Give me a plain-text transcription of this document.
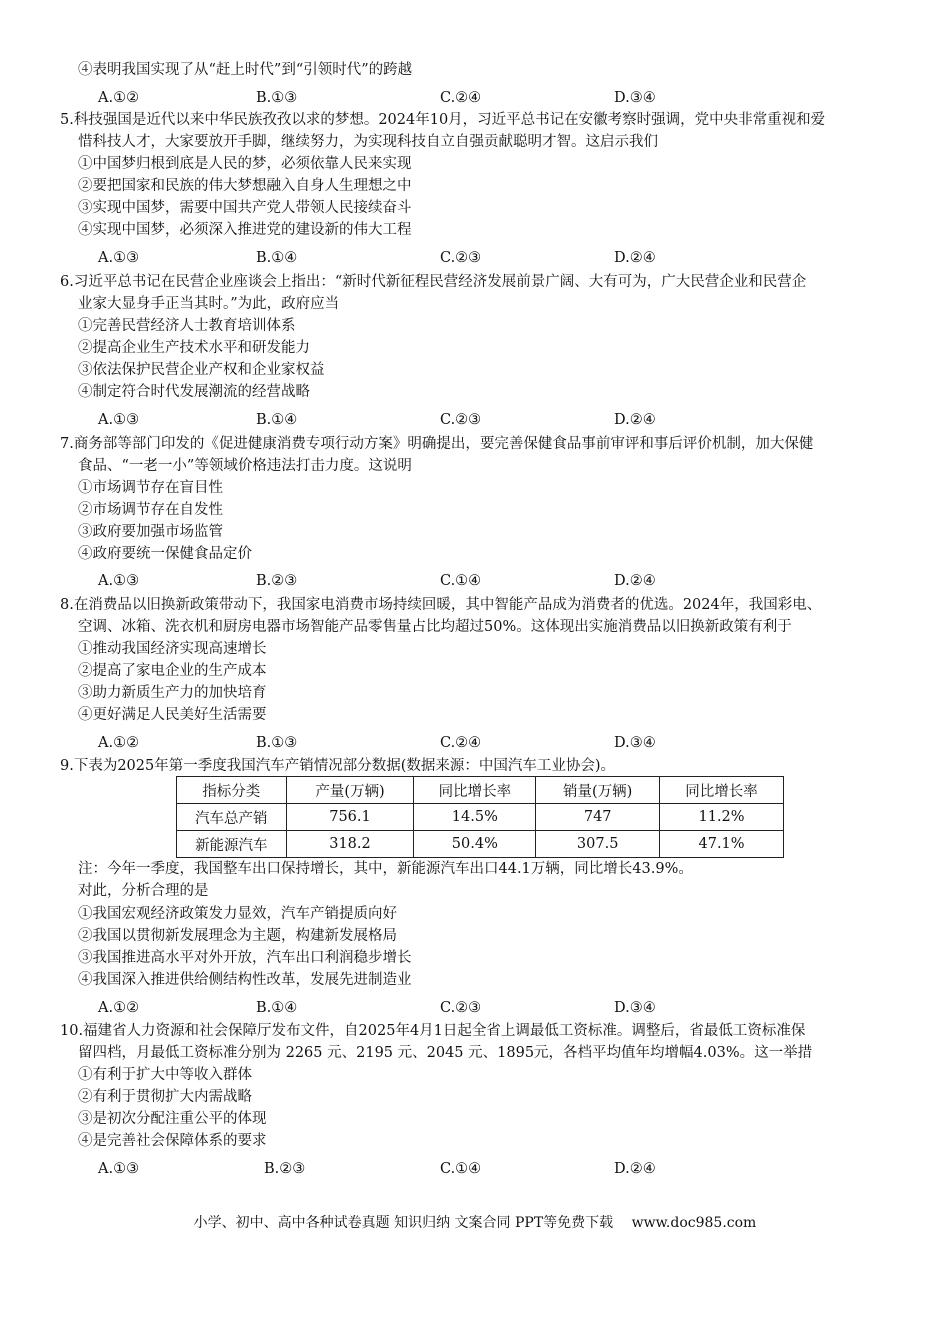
④表明我国实现了从“赶上时代”到“引领时代”的跨越
A.①②	B.①③	C.②④	D.③④
5.科技强国是近代以来中华民族孜孜以求的梦想。2024年10月，习近平总书记在安徽考察时强调，党中央非常重视和爱
惜科技人才，大家要放开手脚，继续努力，为实现科技自立自强贡献聪明才智。这启示我们
①中国梦归根到底是人民的梦，必须依靠人民来实现
②要把国家和民族的伟大梦想融入自身人生理想之中
③实现中国梦，需要中国共产党人带领人民接续奋斗
④实现中国梦，必须深入推进党的建设新的伟大工程
A.①③	B.①④	C.②③	D.②④
6.习近平总书记在民营企业座谈会上指出：“新时代新征程民营经济发展前景广阔、大有可为，广大民营企业和民营企
业家大显身手正当其时。”为此，政府应当
①完善民营经济人士教育培训体系
②提高企业生产技术水平和研发能力
③依法保护民营企业产权和企业家权益
④制定符合时代发展潮流的经营战略
A.①③	B.①④	C.②③	D.②④
7.商务部等部门印发的《促进健康消费专项行动方案》明确提出，要完善保健食品事前审评和事后评价机制，加大保健
食品、“一老一小”等领域价格违法打击力度。这说明
①市场调节存在盲目性
②市场调节存在自发性
③政府要加强市场监管
④政府要统一保健食品定价
A.①③	B.②③	C.①④	D.②④
8.在消费品以旧换新政策带动下，我国家电消费市场持续回暖，其中智能产品成为消费者的优选。2024年，我国彩电、
空调、冰箱、洗衣机和厨房电器市场智能产品零售量占比均超过50%。这体现出实施消费品以旧换新政策有利于
①推动我国经济实现高速增长
②提高了家电企业的生产成本
③助力新质生产力的加快培育
④更好满足人民美好生活需要
A.①②	B.①③	C.②④	D.③④
9.下表为2025年第一季度我国汽车产销情况部分数据(数据来源：中国汽车工业协会)。
指标分类	产量(万辆)	同比增长率	销量(万辆)	同比增长率
汽车总产销	756.1	14.5%	747	11.2%
新能源汽车	318.2	50.4%	307.5	47.1%
注：今年一季度，我国整车出口保持增长，其中，新能源汽车出口44.1万辆，同比增长43.9%。
对此，分析合理的是
①我国宏观经济政策发力显效，汽车产销提质向好
②我国以贯彻新发展理念为主题，构建新发展格局
③我国推进高水平对外开放，汽车出口利润稳步增长
④我国深入推进供给侧结构性改革，发展先进制造业
A.①②	B.①④	C.②③	D.③④
10.福建省人力资源和社会保障厅发布文件，自2025年4月1日起全省上调最低工资标准。调整后，省最低工资标准保
留四档，月最低工资标准分别为 2265 元、2195 元、2045 元、1895元，各档平均值年均增幅4.03%。这一举措
①有利于扩大中等收入群体
②有利于贯彻扩大内需战略
③是初次分配注重公平的体现
④是完善社会保障体系的要求
A.①③	B.②③	C.①④	D.②④
小学、初中、高中各种试卷真题 知识归纳 文案合同 PPT等免费下载　 www.doc985.com
